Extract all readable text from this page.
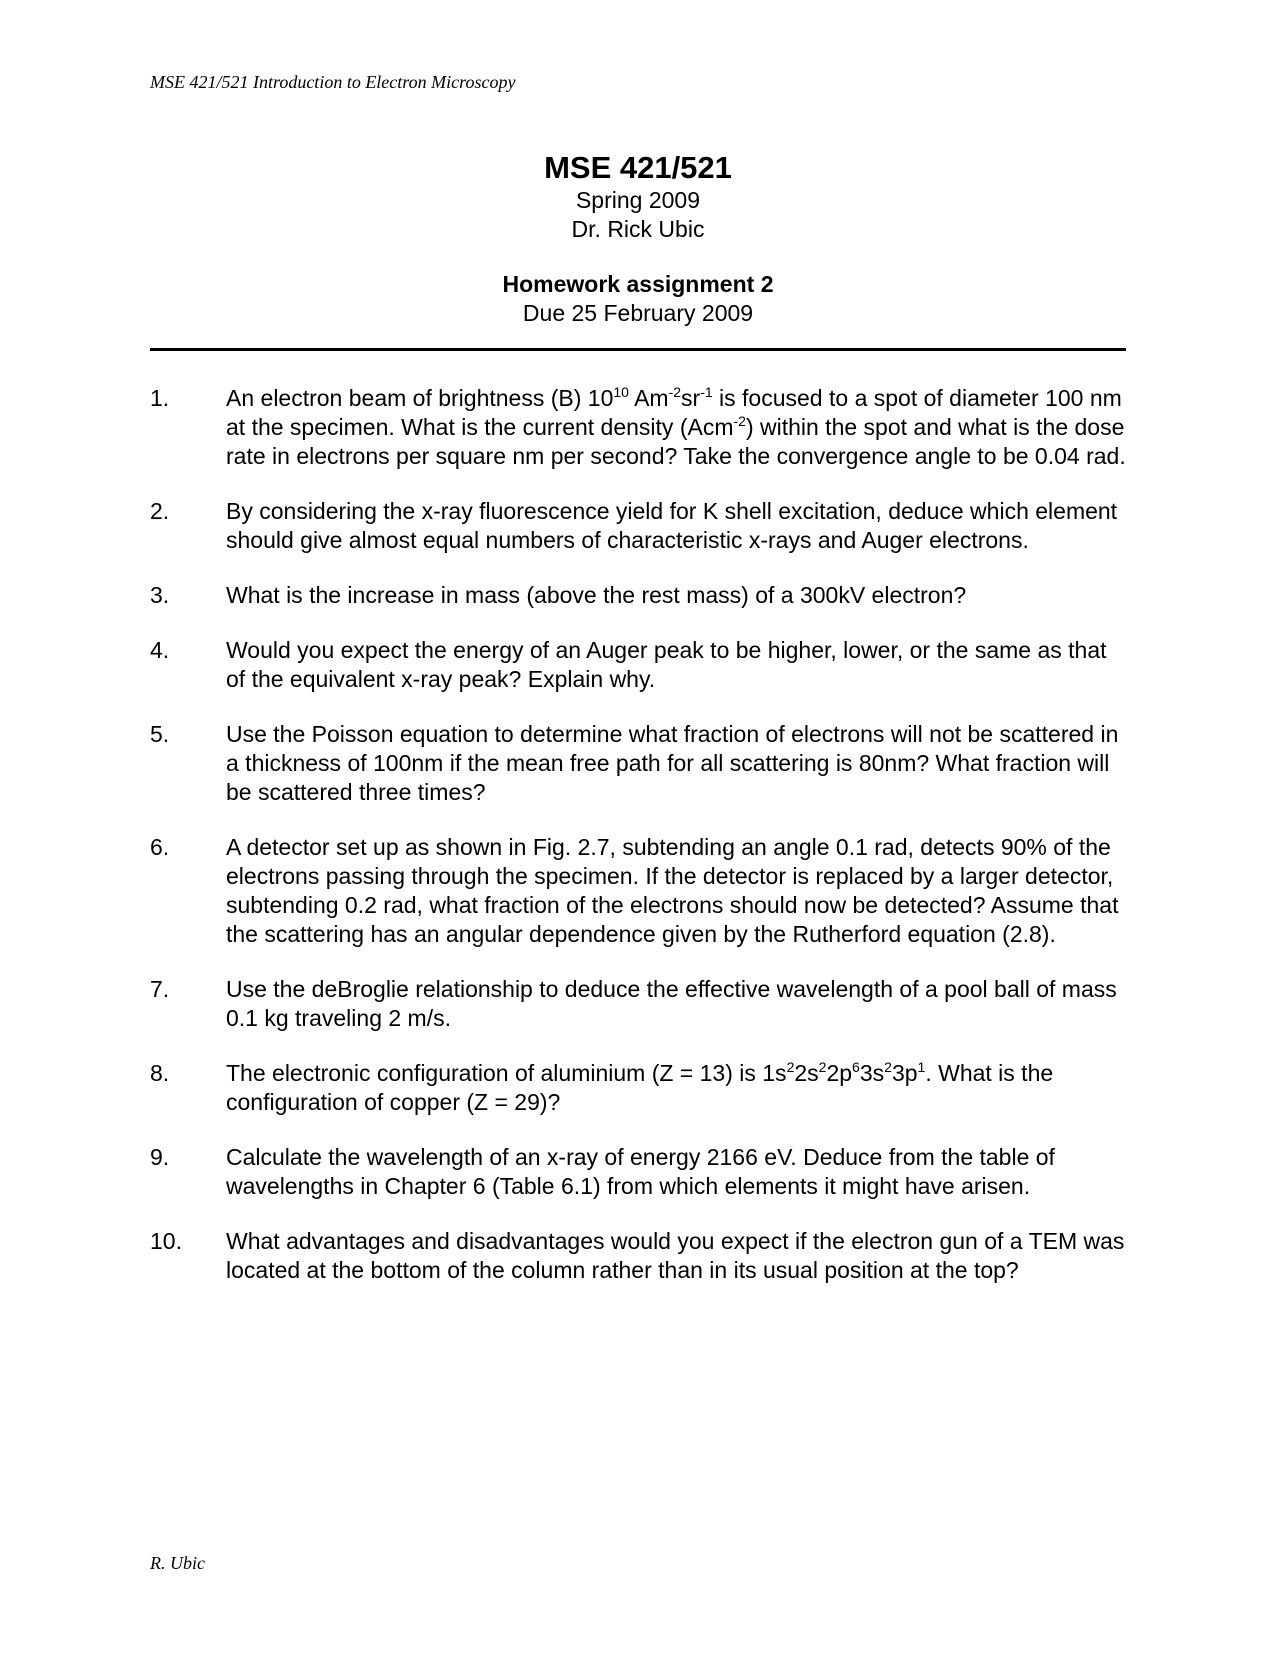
MSE 421/521 Introduction to Electron Microscopy

MSE 421/521

Spring 2009

Dr. Rick Ubic

Homework assignment 2

Due 25 February 2009

1. An electron beam of brightness (B) $10^{10}$ $Am^{-2}sr^{-1}$ is focused to a spot of diameter 100 nm at the specimen. What is the current density (Acm$^{-2}$) within the spot and what is the dose rate in electrons per square nm per second? Take the convergence angle to be 0.04 rad.
2. By considering the x-ray fluorescence yield for K shell excitation, deduce which element should give almost equal numbers of characteristic x-rays and Auger electrons.
3. What is the increase in mass (above the rest mass) of a 300kV electron?
4. Would you expect the energy of an Auger peak to be higher, lower, or the same as that of the equivalent x-ray peak? Explain why.
5. Use the Poisson equation to determine what fraction of electrons will not be scattered in a thickness of 100nm if the mean free path for all scattering is 80nm? What fraction will be scattered three times?
6. A detector set up as shown in Fig. 2.7, subtending an angle 0.1 rad, detects 90% of the electrons passing through the specimen. If the detector is replaced by a larger detector, subtending 0.2 rad, what fraction of the electrons should now be detected? Assume that the scattering has an angular dependence given by the Rutherford equation (2.8).
7. Use the deBroglie relationship to deduce the effective wavelength of a pool ball of mass 0.1 kg traveling 2 m/s.
8. The electronic configuration of aluminium (Z = 13) is $1s^22s^22p^63s^23p^1$. What is the configuration of copper (Z = 29)?
9. Calculate the wavelength of an x-ray of energy 2166 eV. Deduce from the table of wavelengths in Chapter 6 (Table 6.1) from which elements it might have arisen.
10. What advantages and disadvantages would you expect if the electron gun of a TEM was located at the bottom of the column rather than in its usual position at the top?
R. Ubic
